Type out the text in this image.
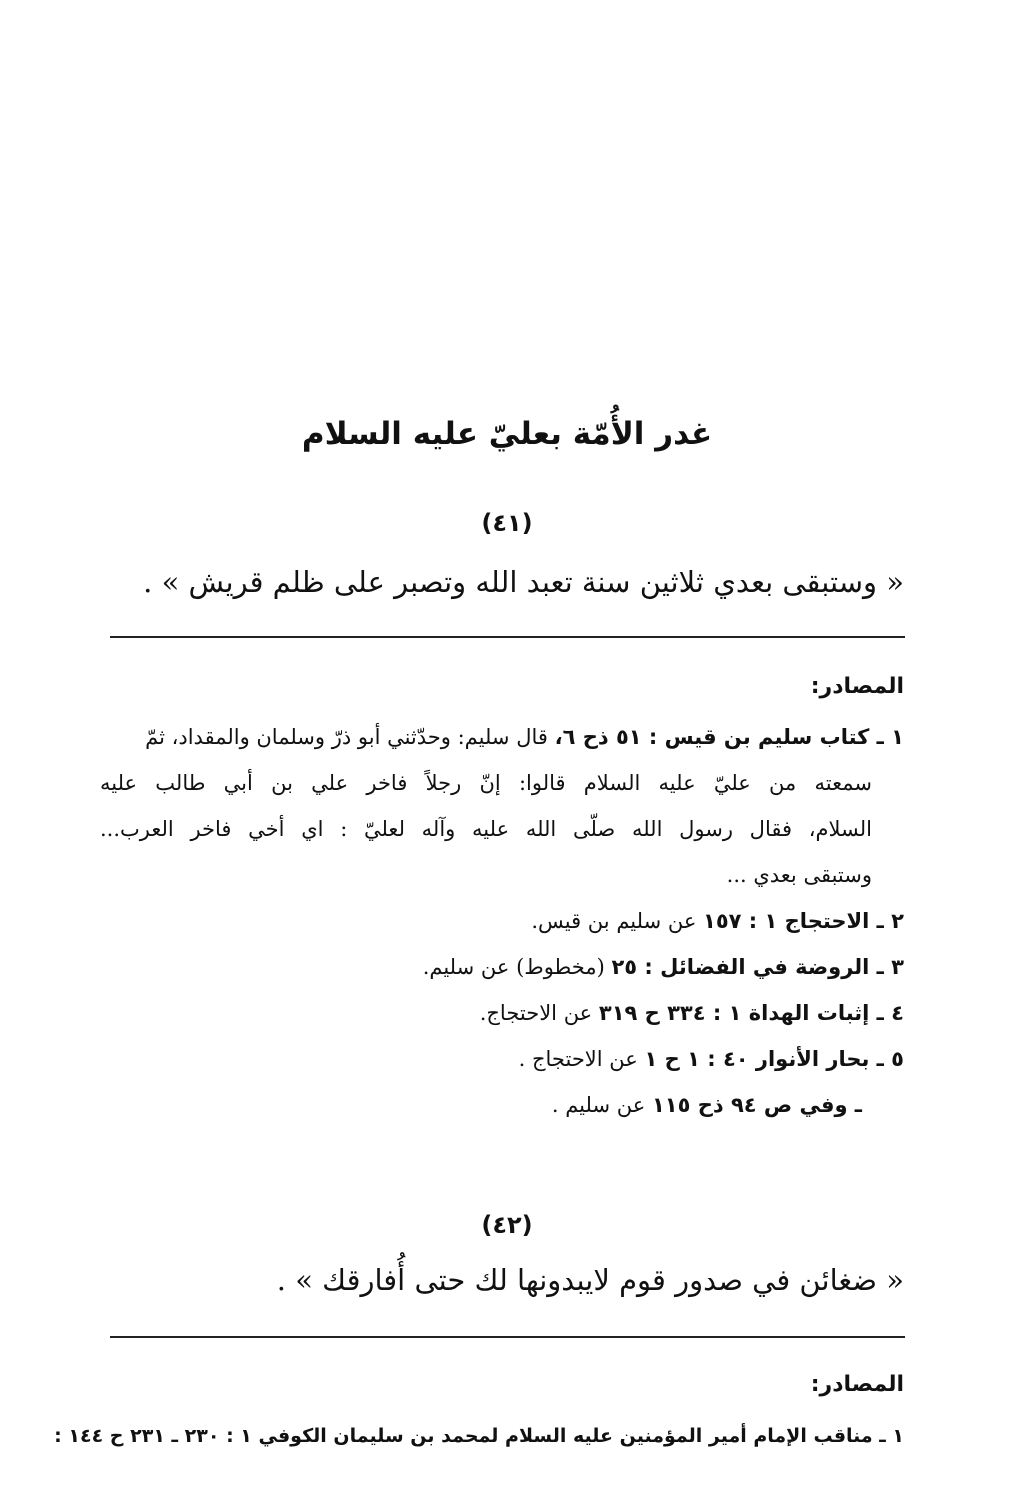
غدر الأُمّة بعليّ عليه السلام
(٤١)
« وستبقى بعدي ثلاثين سنة تعبد الله وتصبر على ظلم قريش » .
المصادر:
١ ـ كتاب سليم بن قيس : ٥١ ذح ٦، قال سليم: وحدّثني أبو ذرّ وسلمان والمقداد، ثمّ
سمعته من عليّ عليه السلام قالوا: إنّ رجلاً فاخر علي بن أبي طالب عليه
السلام، فقال رسول الله صلّى الله عليه وآله لعليّ : اي أخي فاخر العرب...
وستبقى بعدي ...
٢ ـ الاحتجاج ١ : ١٥٧ عن سليم بن قيس.
٣ ـ الروضة في الفضائل : ٢٥ (مخطوط) عن سليم.
٤ ـ إثبات الهداة ١ : ٣٣٤ ح ٣١٩ عن الاحتجاج.
٥ ـ بحار الأنوار ٤٠ : ١ ح ١ عن الاحتجاج .
ـ وفي ص ٩٤ ذح ١١٥ عن سليم .
(٤٢)
« ضغائن في صدور قوم لايبدونها لك حتى أُفارقك » .
المصادر:
١ ـ مناقب الإمام أمير المؤمنين عليه السلام لمحمد بن سليمان الكوفي ١ : ٢٣٠ ـ ٢٣١ ح ١٤٤ :
